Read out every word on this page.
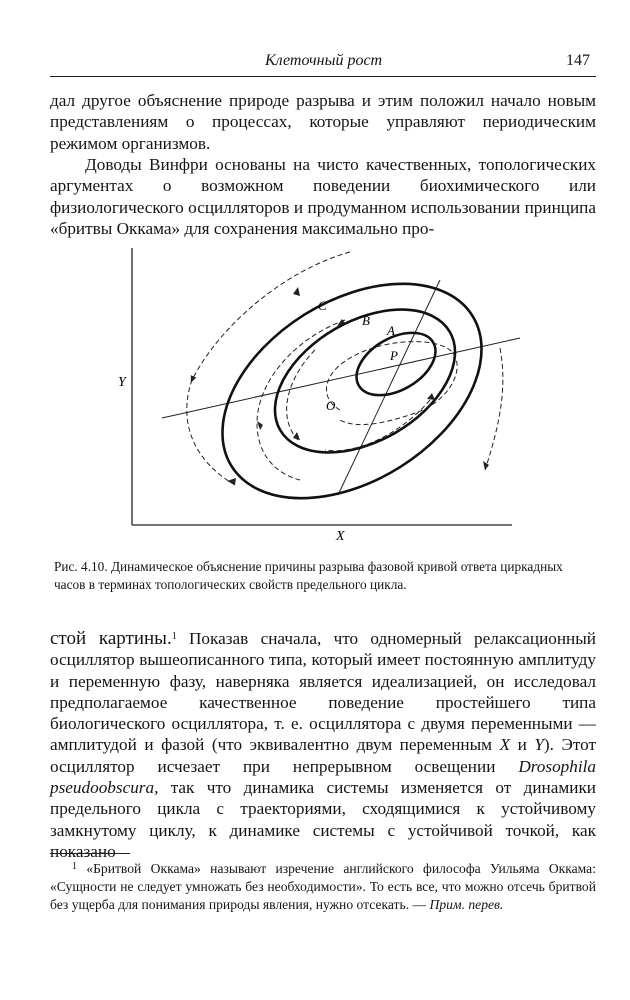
Клеточный рост	147

дал другое объяснение природе разрыва и этим положил начало новым представлениям о процессах, которые управляют периодическим режимом организмов.

Доводы Винфри основаны на чисто качественных, топологических аргументах о возможном поведении биохимического или физиологического осцилляторов и продуманном использовании принципа «бритвы Оккама» для сохранения максимально про-

Y
X
C
B
A
P
O

Рис. 4.10. Динамическое объяснение причины разрыва фазовой кривой ответа циркадных часов в терминах топологических свойств предельного цикла.

стой картины.$^1$ Показав сначала, что одномерный релаксационный осциллятор вышеописанного типа, который имеет постоянную амплитуду и переменную фазу, наверняка является идеализацией, он исследовал предполагаемое качественное поведение простейшего типа биологического осциллятора, т. е. осциллятора с двумя переменными — амплитудой и фазой (что эквивалентно двум переменным X и Y). Этот осциллятор исчезает при непрерывном освещении Drosophila pseudoobscura, так что динамика системы изменяется от динамики предельного цикла с траекториями, сходящимися к устойчивому замкнутому циклу, к динамике системы с устойчивой точкой, как показано

$^1$ «Бритвой Оккама» называют изречение английского философа Уильяма Оккама: «Сущности не следует умножать без необходимости». То есть все, что можно отсечь бритвой без ущерба для понимания природы явления, нужно отсекать. — Прим. перев.
